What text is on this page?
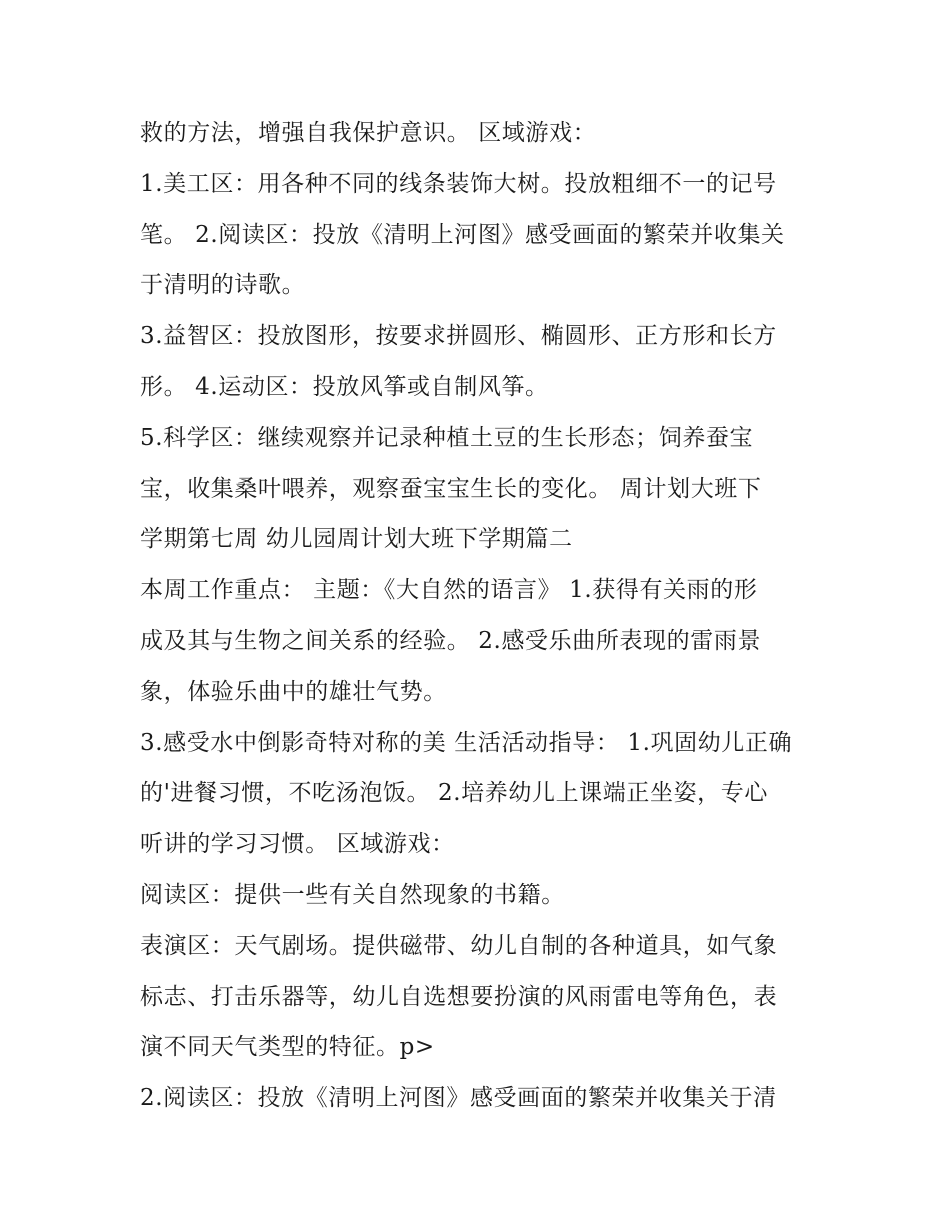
救的方法，增强自我保护意识。 区域游戏：
1.美工区：用各种不同的线条装饰大树。投放粗细不一的记号
笔。 2.阅读区：投放《清明上河图》感受画面的繁荣并收集关
于清明的诗歌。
3.益智区：投放图形，按要求拼圆形、椭圆形、正方形和长方
形。 4.运动区：投放风筝或自制风筝。
5.科学区：继续观察并记录种植土豆的生长形态；饲养蚕宝
宝，收集桑叶喂养，观察蚕宝宝生长的变化。 周计划大班下
学期第七周 幼儿园周计划大班下学期篇二
本周工作重点： 主题：《大自然的语言》 1.获得有关雨的形
成及其与生物之间关系的经验。 2.感受乐曲所表现的雷雨景
象，体验乐曲中的雄壮气势。
3.感受水中倒影奇特对称的美 生活活动指导： 1.巩固幼儿正确
的'进餐习惯，不吃汤泡饭。 2.培养幼儿上课端正坐姿，专心
听讲的学习习惯。 区域游戏：
阅读区：提供一些有关自然现象的书籍。
表演区：天气剧场。提供磁带、幼儿自制的各种道具，如气象
标志、打击乐器等，幼儿自选想要扮演的风雨雷电等角色，表
演不同天气类型的特征。p>
2.阅读区：投放《清明上河图》感受画面的繁荣并收集关于清
